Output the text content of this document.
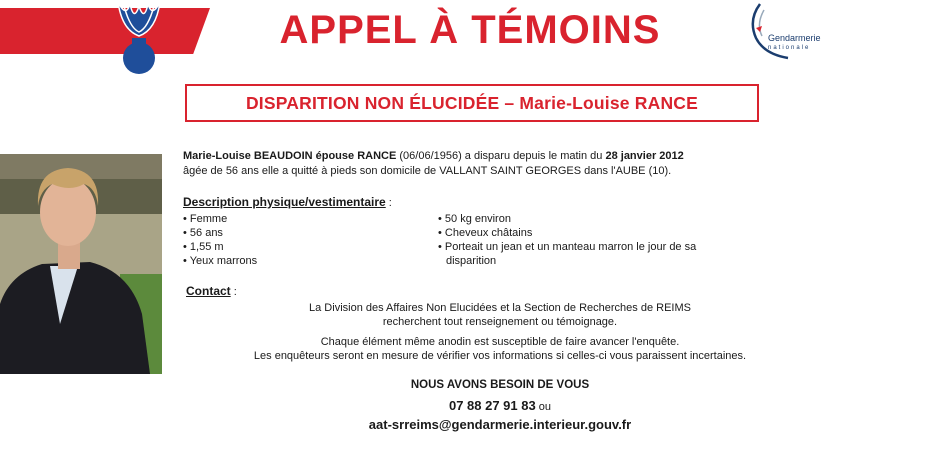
APPEL À TÉMOINS	Gendarmerie
nationale
DISPARITION NON ÉLUCIDÉE – Marie-Louise RANCE
Marie-Louise BEAUDOIN épouse RANCE (06/06/1956) a disparu depuis le matin du 28 janvier 2012
âgée de 56 ans elle a quitté à pieds son domicile de VALLANT SAINT GEORGES dans l'AUBE (10).
Description physique/vestimentaire :
• Femme
• 56 ans
• 1,55 m
• Yeux marrons
• 50 kg environ
• Cheveux châtains
• Porteait un jean et un manteau marron le jour de sa
disparition
Contact :
La Division des Affaires Non Elucidées et la Section de Recherches de REIMS
recherchent tout renseignement ou témoignage.
Chaque élément même anodin est susceptible de faire avancer l'enquête.
Les enquêteurs seront en mesure de vérifier vos informations si celles-ci vous paraissent incertaines.
NOUS AVONS BESOIN DE VOUS
07 88 27 91 83 ou
aat-srreims@gendarmerie.interieur.gouv.fr
